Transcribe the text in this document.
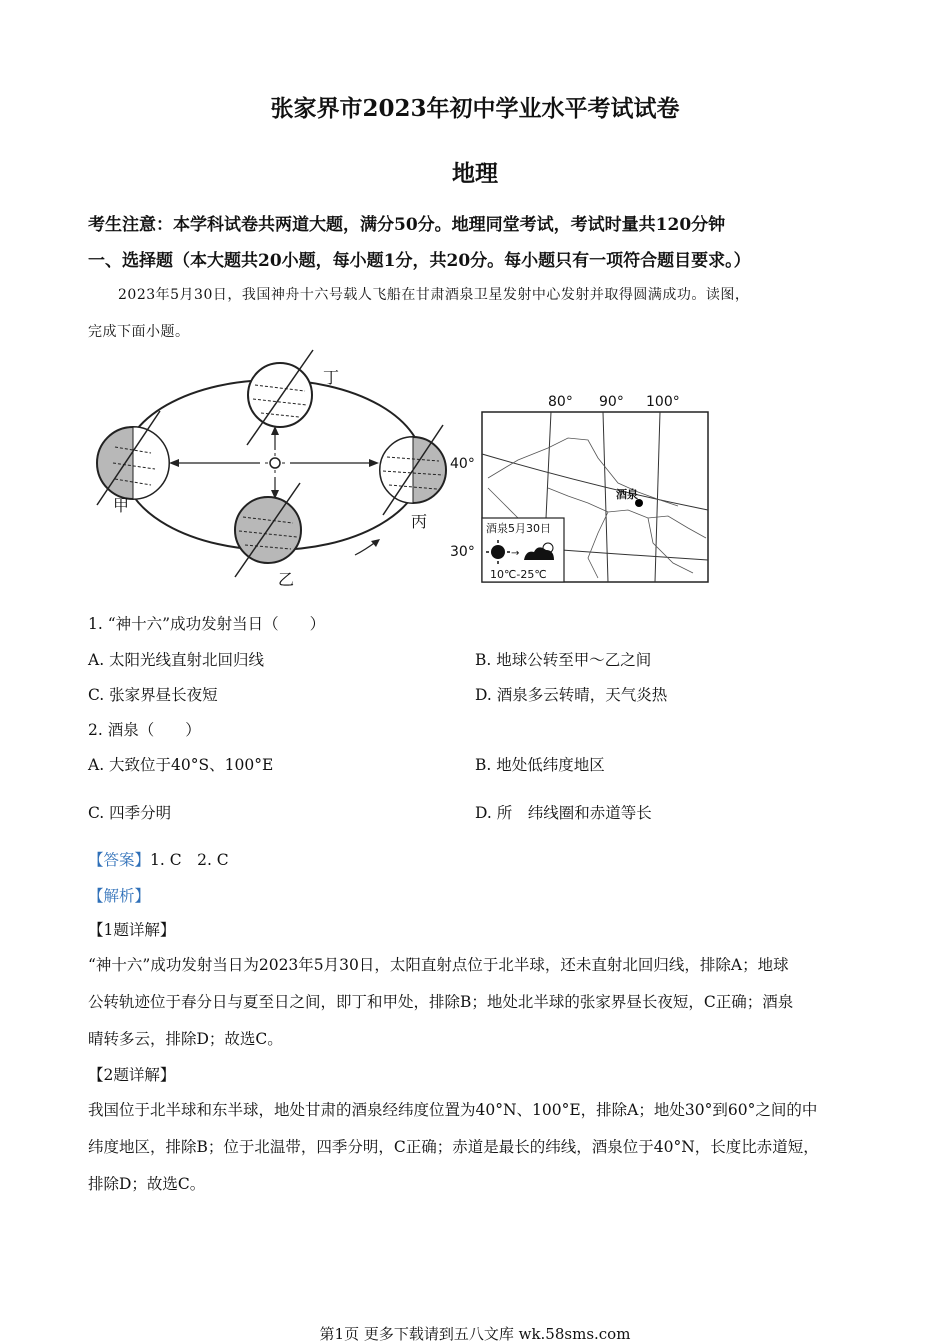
张家界市2023年初中学业水平考试试卷
地理
考生注意：本学科试卷共两道大题，满分50分。地理同堂考试，考试时量共120分钟
一、选择题（本大题共20小题，每小题1分，共20分。每小题只有一项符合题目要求。）
2023年5月30日，我国神舟十六号载人飞船在甘肃酒泉卫星发射中心发射并取得圆满成功。读图，
完成下面小题。
甲
丁
丙
乙
酒泉
80° 90° 100°
40°
30°
酒泉5月30日
→
10℃-25℃
1. “神十六”成功发射当日（　　）
A. 太阳光线直射北回归线	B. 地球公转至甲～乙之间
C. 张家界昼长夜短	D. 酒泉多云转晴，天气炎热
2. 酒泉（　　）
A. 大致位于40°S、100°E	B. 地处低纬度地区
C. 四季分明	D. 所　纬线圈和赤道等长
【答案】1. C　2. C
【解析】
【1题详解】
“神十六”成功发射当日为2023年5月30日，太阳直射点位于北半球，还未直射北回归线，排除A；地球
公转轨迹位于春分日与夏至日之间，即丁和甲处，排除B；地处北半球的张家界昼长夜短，C正确；酒泉
晴转多云，排除D；故选C。
【2题详解】
我国位于北半球和东半球，地处甘肃的酒泉经纬度位置为40°N、100°E，排除A；地处30°到60°之间的中
纬度地区，排除B；位于北温带，四季分明，C正确；赤道是最长的纬线，酒泉位于40°N，长度比赤道短，
排除D；故选C。
第1页 更多下载请到五八文库 wk.58sms.com
